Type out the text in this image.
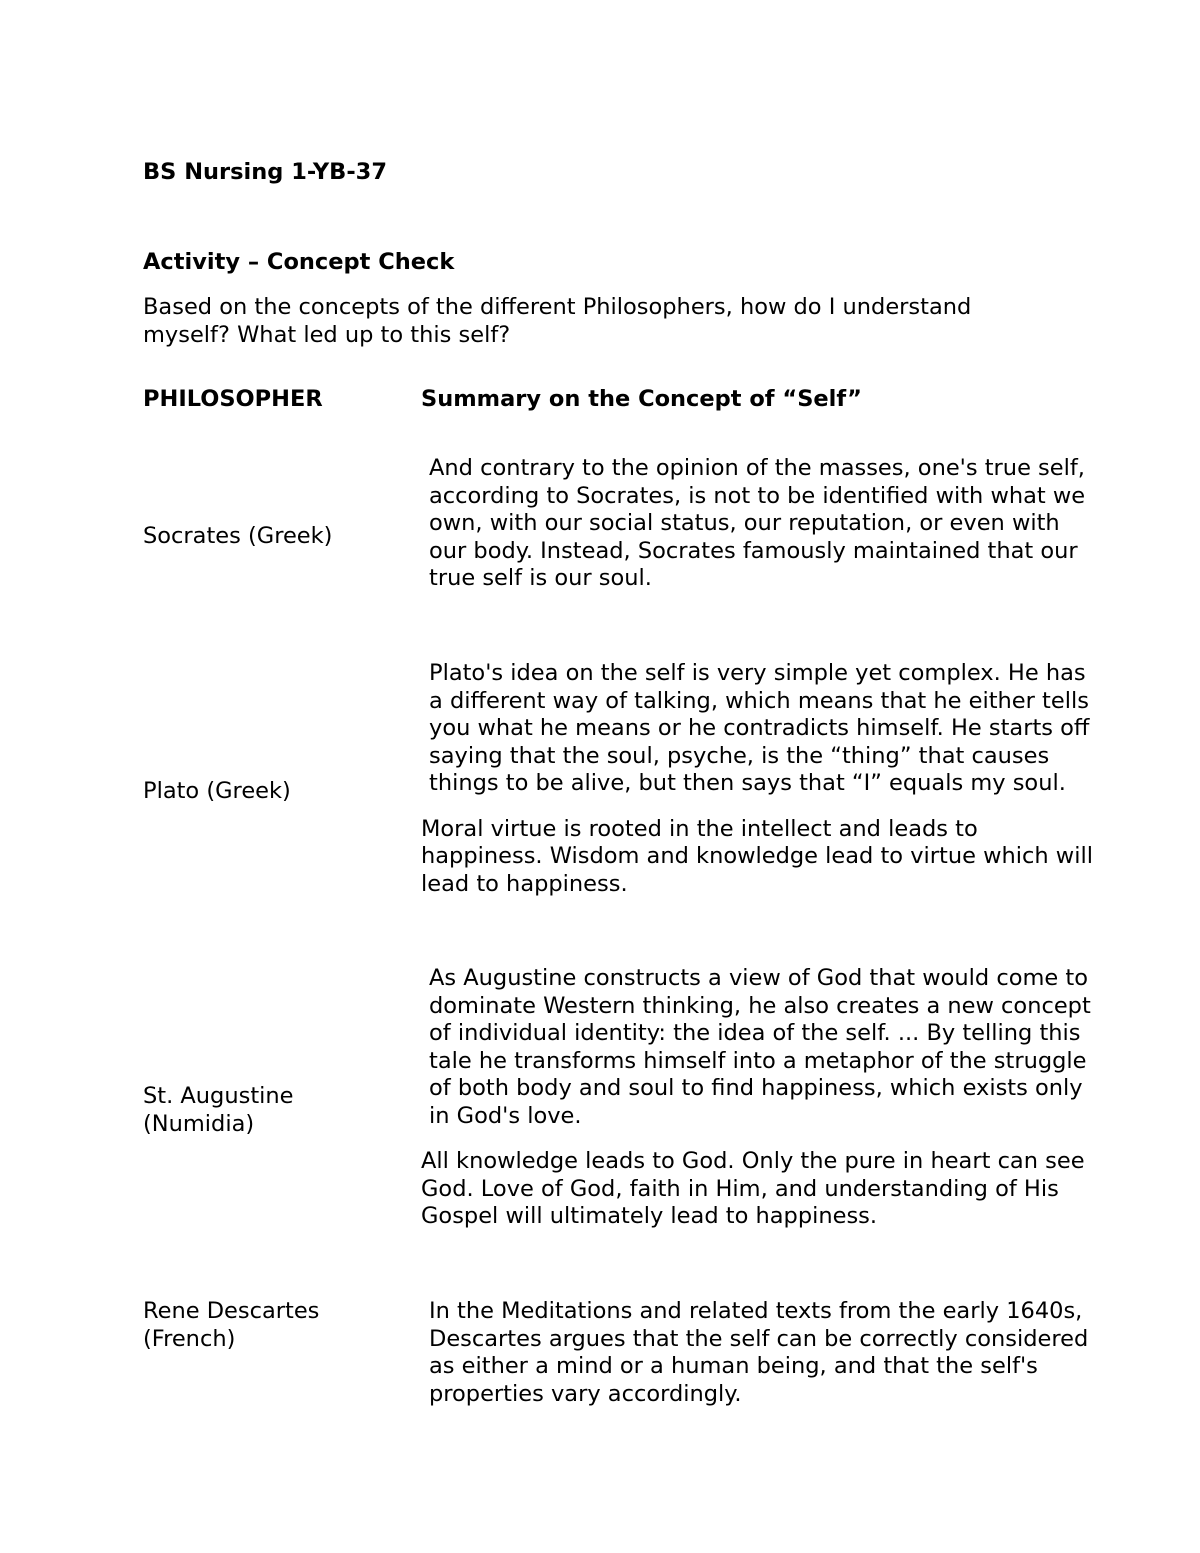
BS Nursing 1-YB-37
Activity – Concept Check
Based on the concepts of the different Philosophers, how do I understand myself? What led up to this self?
PHILOSOPHER	Summary on the Concept of “Self”
Socrates (Greek)

And contrary to the opinion of the masses, one's true self, according to Socrates, is not to be identified with what we own, with our social status, our reputation, or even with our body. Instead, Socrates famously maintained that our true self is our soul.

Plato (Greek)

Plato's idea on the self is very simple yet complex. He has a different way of talking, which means that he either tells you what he means or he contradicts himself. He starts off saying that the soul, psyche, is the “thing” that causes things to be alive, but then says that “I” equals my soul.

Moral virtue is rooted in the intellect and leads to happiness. Wisdom and knowledge lead to virtue which will lead to happiness.

St. Augustine (Numidia)

As Augustine constructs a view of God that would come to dominate Western thinking, he also creates a new concept of individual identity: the idea of the self. ... By telling this tale he transforms himself into a metaphor of the struggle of both body and soul to find happiness, which exists only in God's love.

All knowledge leads to God. Only the pure in heart can see God. Love of God, faith in Him, and understanding of His Gospel will ultimately lead to happiness.

Rene Descartes (French)

In the Meditations and related texts from the early 1640s, Descartes argues that the self can be correctly considered as either a mind or a human being, and that the self's properties vary accordingly.
